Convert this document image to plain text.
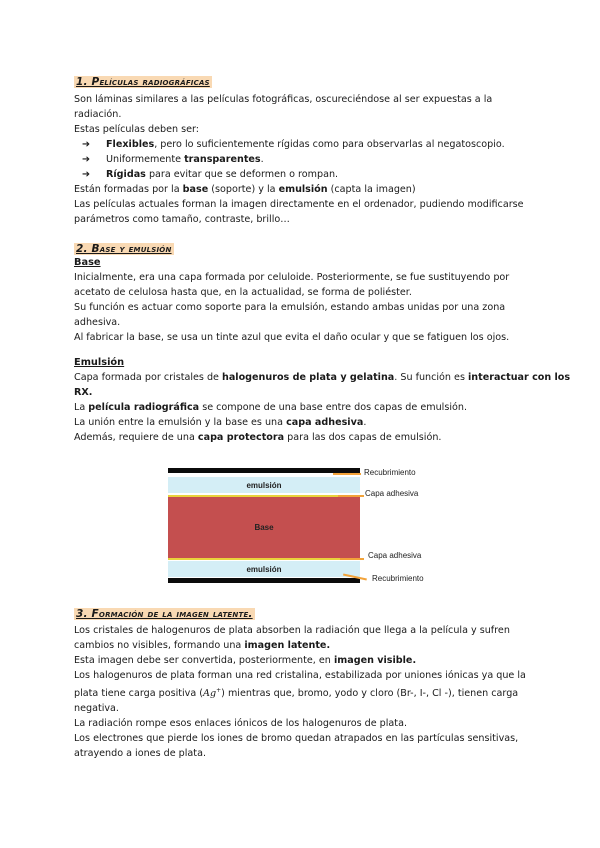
1. Películas radiográficas
Son láminas similares a las películas fotográficas, oscureciéndose al ser expuestas a la
radiación.
Estas películas deben ser:
➔ Flexibles, pero lo suficientemente rígidas como para observarlas al negatoscopio.
➔ Uniformemente transparentes.
➔ Rígidas para evitar que se deformen o rompan.
Están formadas por la base (soporte) y la emulsión (capta la imagen)
Las películas actuales forman la imagen directamente en el ordenador, pudiendo modificarse
parámetros como tamaño, contraste, brillo…
2. Base y emulsión
Base
Inicialmente, era una capa formada por celuloide. Posteriormente, se fue sustituyendo por
acetato de celulosa hasta que, en la actualidad, se forma de poliéster.
Su función es actuar como soporte para la emulsión, estando ambas unidas por una zona
adhesiva.
Al fabricar la base, se usa un tinte azul que evita el daño ocular y que se fatiguen los ojos.
Emulsión
Capa formada por cristales de halogenuros de plata y gelatina. Su función es interactuar con los
RX.
La película radiográfica se compone de una base entre dos capas de emulsión.
La unión entre la emulsión y la base es una capa adhesiva.
Además, requiere de una capa protectora para las dos capas de emulsión.
emulsión
Base
emulsión
Recubrimiento
Capa adhesiva
Capa adhesiva
Recubrimiento
3. Formación de la imagen latente.
Los cristales de halogenuros de plata absorben la radiación que llega a la película y sufren
cambios no visibles, formando una imagen latente.
Esta imagen debe ser convertida, posteriormente, en imagen visible.
Los halogenuros de plata forman una red cristalina, estabilizada por uniones iónicas ya que la
plata tiene carga positiva (Ag+) mientras que, bromo, yodo y cloro (Br-, I-, Cl -), tienen carga
negativa.
La radiación rompe esos enlaces iónicos de los halogenuros de plata.
Los electrones que pierde los iones de bromo quedan atrapados en las partículas sensitivas,
atrayendo a iones de plata.
